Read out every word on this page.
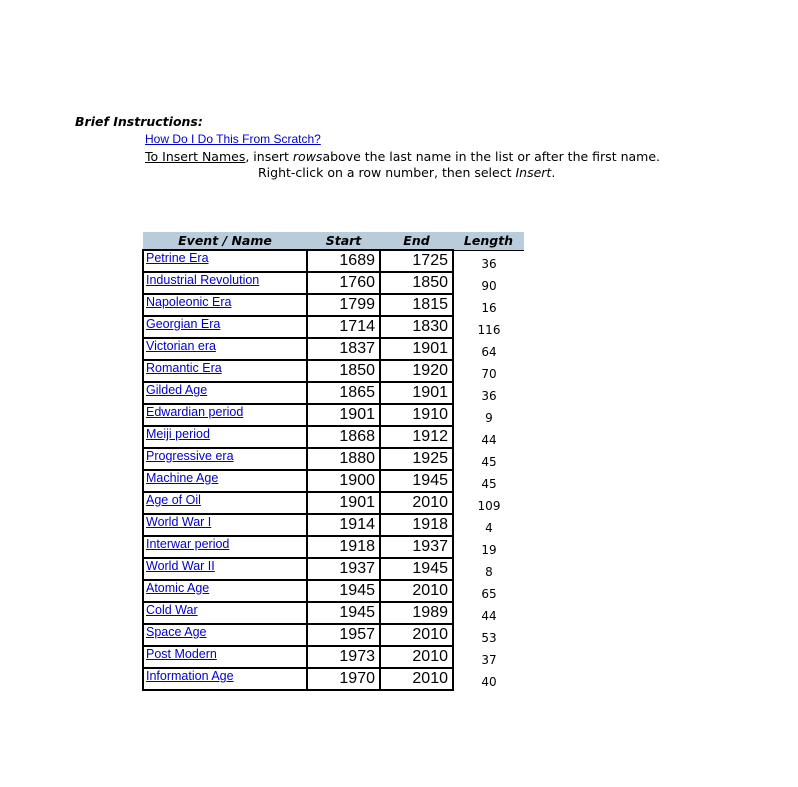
Brief Instructions:
How Do I Do This From Scratch?
To Insert Names, insert rowsabove the last name in the list or after the first name.
Right-click on a row number, then select Insert.
Event / Name	Start	End	Length
Petrine Era	1689	1725	36
Industrial Revolution	1760	1850	90
Napoleonic Era	1799	1815	16
Georgian Era	1714	1830	116
Victorian era	1837	1901	64
Romantic Era	1850	1920	70
Gilded Age	1865	1901	36
Edwardian period	1901	1910	9
Meiji period	1868	1912	44
Progressive era	1880	1925	45
Machine Age	1900	1945	45
Age of Oil	1901	2010	109
World War I	1914	1918	4
Interwar period	1918	1937	19
World War II	1937	1945	8
Atomic Age	1945	2010	65
Cold War	1945	1989	44
Space Age	1957	2010	53
Post Modern	1973	2010	37
Information Age	1970	2010	40
